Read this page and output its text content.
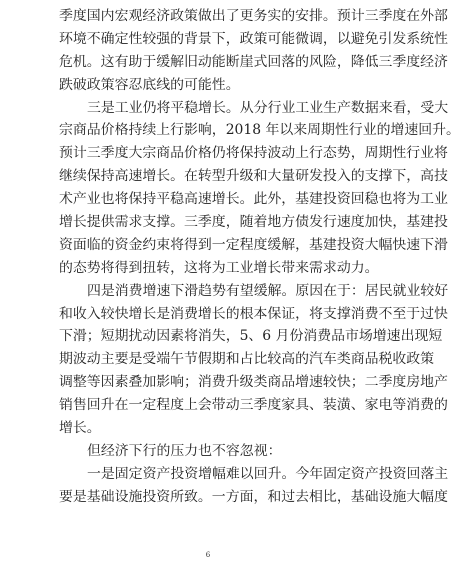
季度国内宏观经济政策做出了更务实的安排。预计三季度在外部
环境不确定性较强的背景下，政策可能微调，以避免引发系统性
危机。这有助于缓解旧动能断崖式回落的风险，降低三季度经济
跌破政策容忍底线的可能性。
三是工业仍将平稳增长。从分行业工业生产数据来看，受大
宗商品价格持续上行影响，2018 年以来周期性行业的增速回升。
预计三季度大宗商品价格仍将保持波动上行态势，周期性行业将
继续保持高速增长。在转型升级和大量研发投入的支撑下，高技
术产业也将保持平稳高速增长。此外，基建投资回稳也将为工业
增长提供需求支撑。三季度，随着地方债发行速度加快，基建投
资面临的资金约束将得到一定程度缓解，基建投资大幅快速下滑
的态势将得到扭转，这将为工业增长带来需求动力。
四是消费增速下滑趋势有望缓解。原因在于：居民就业较好
和收入较快增长是消费增长的根本保证，将支撑消费不至于过快
下滑；短期扰动因素将消失，5、6 月份消费品市场增速出现短
期波动主要是受端午节假期和占比较高的汽车类商品税收政策
调整等因素叠加影响；消费升级类商品增速较快；二季度房地产
销售回升在一定程度上会带动三季度家具、装潢、家电等消费的
增长。
但经济下行的压力也不容忽视：
一是固定资产投资增幅难以回升。今年固定资产投资回落主
要是基础设施投资所致。一方面，和过去相比，基础设施大幅度
6
